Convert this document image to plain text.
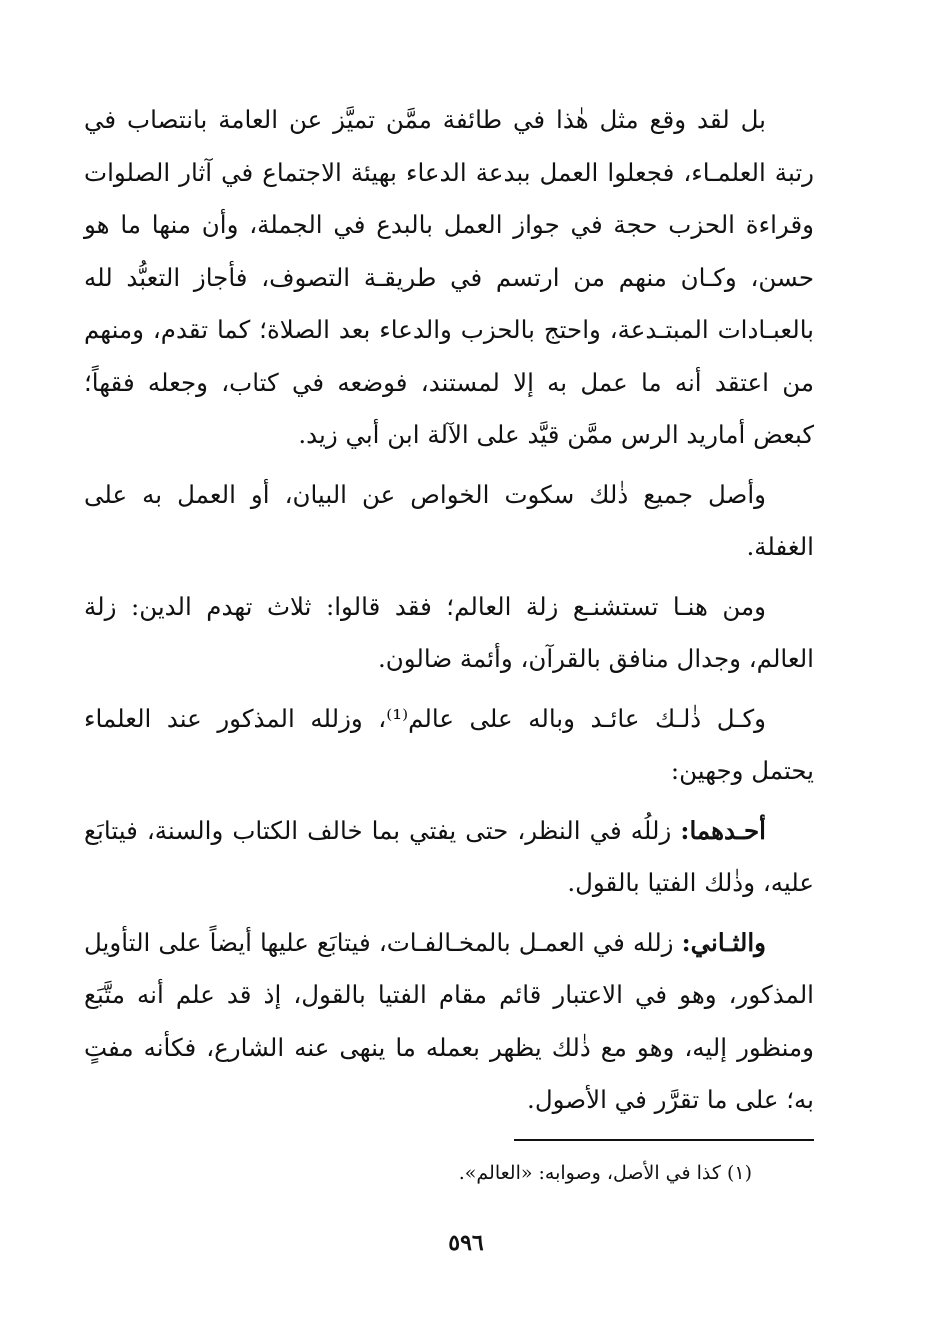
بل لقد وقع مثل هٰذا في طائفة ممَّن تميَّز عن العامة بانتصاب في رتبة العلمـاء، فجعلوا العمل ببدعة الدعاء بهيئة الاجتماع في آثار الصلوات وقراءة الحزب حجة في جواز العمل بالبدع في الجملة، وأن منها ما هو حسن، وكـان منهم من ارتسم في طريقـة التصوف، فأجاز التعبُّد لله بالعبـادات المبتـدعة، واحتج بالحزب والدعاء بعد الصلاة؛ كما تقدم، ومنهم من اعتقد أنه ما عمل به إلا لمستند، فوضعه في كتاب، وجعله فقهاً؛ كبعض أماريد الرس ممَّن قيَّد على الآلة ابن أبي زيد.

وأصل جميع ذٰلك سكوت الخواص عن البيان، أو العمل به على الغفلة.

ومن هنـا تستشنـع زلة العالم؛ فقد قالوا: ثلاث تهدم الدين: زلة العالم، وجدال منافق بالقرآن، وأئمة ضالون.

وكـل ذٰلـك عائـد وباله على عالم⁽¹⁾، وزلله المذكور عند العلماء يحتمل وجهين:

أحـدهما: زللُه في النظر، حتى يفتي بما خالف الكتاب والسنة، فيتابَع عليه، وذٰلك الفتيا بالقول.

والثـاني: زلله في العمـل بالمخـالفـات، فيتابَع عليها أيضاً على التأويل المذكور، وهو في الاعتبار قائم مقام الفتيا بالقول، إذ قد علم أنه متَّبَع ومنظور إليه، وهو مع ذٰلك يظهر بعمله ما ينهى عنه الشارع، فكأنه مفتٍ به؛ على ما تقرَّر في الأصول.

(١) كذا في الأصل، وصوابه: «العالم».

٥٩٦
